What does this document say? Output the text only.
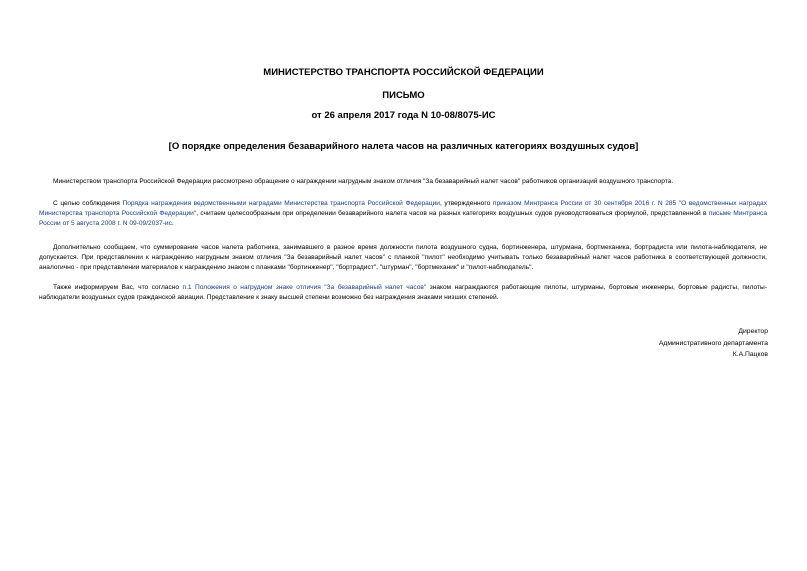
МИНИСТЕРСТВО ТРАНСПОРТА РОССИЙСКОЙ ФЕДЕРАЦИИ
ПИСЬМО
от 26 апреля 2017 года N 10-08/8075-ИС
[О порядке определения безаварийного налета часов на различных категориях воздушных судов]

Министерством транспорта Российской Федерации рассмотрено обращение о награждении нагрудным знаком отличия "За безаварийный налет часов" работников организаций воздушного транспорта.

С целью соблюдения Порядка награждения ведомственными наградами Министерства транспорта Российской Федерации, утвержденного приказом Минтранса России от 30 сентября 2016 г. N 285 "О ведомственных наградах Министерства транспорта Российской Федерации", считаем целесообразным при определении безаварийного налета часов на разных категориях воздушных судов руководствоваться формулой, представленной в письме Минтранса России от 5 августа 2008 г. N 09-09/2037-ис.

Дополнительно сообщаем, что суммирование часов налета работника, занимавшего в разное время должности пилота воздушного судна, бортинженера, штурмана, бортмеханика, бортрадиста или пилота-наблюдателя, не допускается. При представлении к награждению нагрудным знаком отличия "За безаварийный налет часов" с планкой "пилот" необходимо учитывать только безаварийный налет часов работника в соответствующей должности, аналогично - при представлении материалов к награждению знаком с планками "бортинженер", "бортрадист", "штурман", "бортмеханик" и "пилот-наблюдатель".

Также информируем Вас, что согласно п.1 Положения о нагрудном знаке отличия "За безаварийный налет часов" знаком награждаются работающие пилоты, штурманы, бортовые инженеры, бортовые радисты, пилоты-наблюдатели воздушных судов гражданской авиации. Представление к знаку высшей степени возможно без награждения знаками низших степеней.

Директор
Административного департамента
К.А.Пацков
